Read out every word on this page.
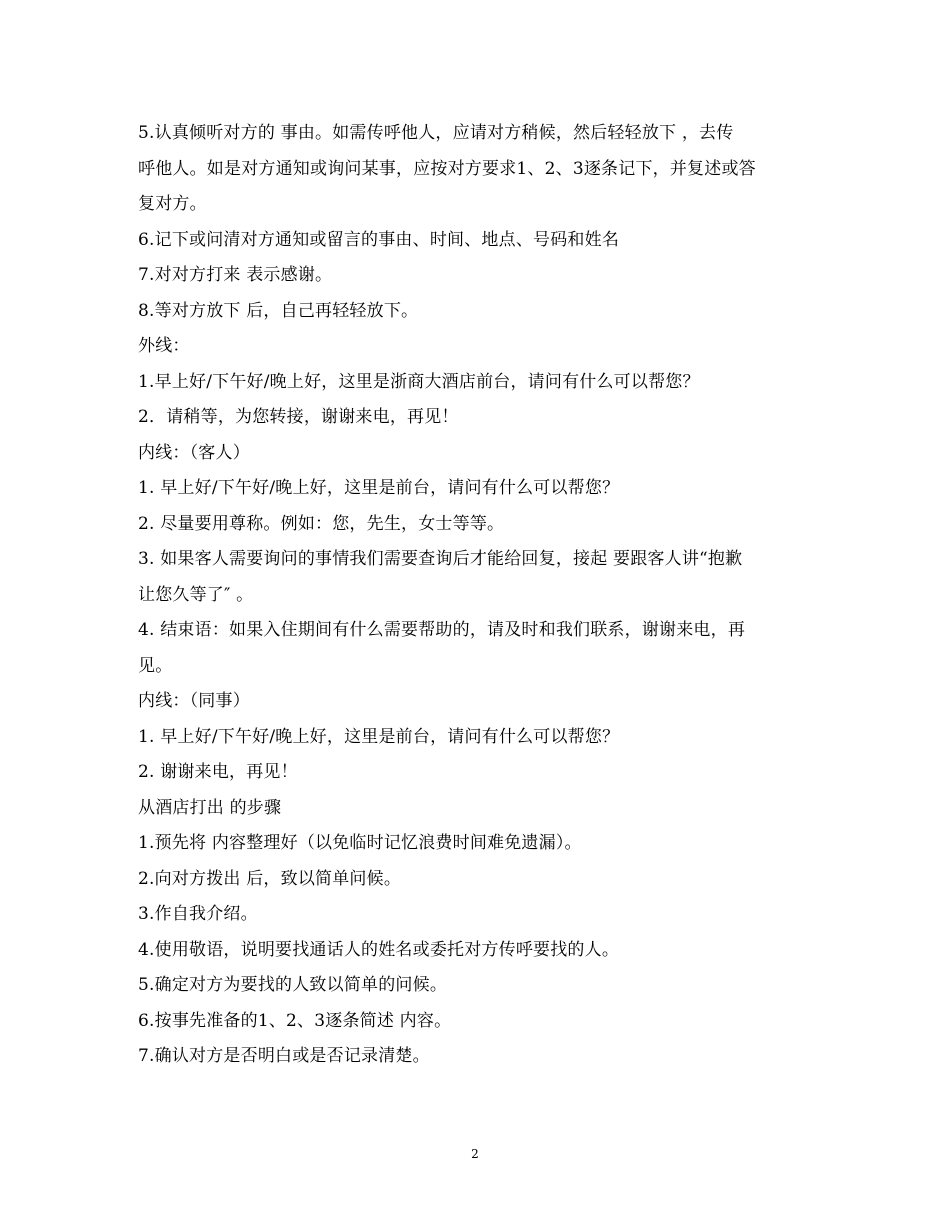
5.认真倾听对方的 事由。如需传呼他人，应请对方稍候，然后轻轻放下 ，去传
呼他人。如是对方通知或询问某事，应按对方要求1、2、3逐条记下，并复述或答
复对方。
6.记下或问清对方通知或留言的事由、时间、地点、号码和姓名
7.对对方打来 表示感谢。
8.等对方放下 后，自己再轻轻放下。
外线：
1.早上好/下午好/晚上好，这里是浙商大酒店前台，请问有什么可以帮您？
2．请稍等，为您转接，谢谢来电，再见！
内线：（客人）
1. 早上好/下午好/晚上好，这里是前台，请问有什么可以帮您？
2. 尽量要用尊称。例如：您，先生，女士等等。
3. 如果客人需要询问的事情我们需要查询后才能给回复，接起 要跟客人讲“抱歉
让您久等了″ 。
4. 结束语：如果入住期间有什么需要帮助的，请及时和我们联系，谢谢来电，再
见。
内线：（同事）
1. 早上好/下午好/晚上好，这里是前台，请问有什么可以帮您？
2. 谢谢来电，再见！
从酒店打出 的步骤
1.预先将 内容整理好（以免临时记忆浪费时间难免遗漏）。
2.向对方拨出 后，致以简单问候。
3.作自我介绍。
4.使用敬语，说明要找通话人的姓名或委托对方传呼要找的人。
5.确定对方为要找的人致以简单的问候。
6.按事先准备的1、2、3逐条简述 内容。
7.确认对方是否明白或是否记录清楚。
2
